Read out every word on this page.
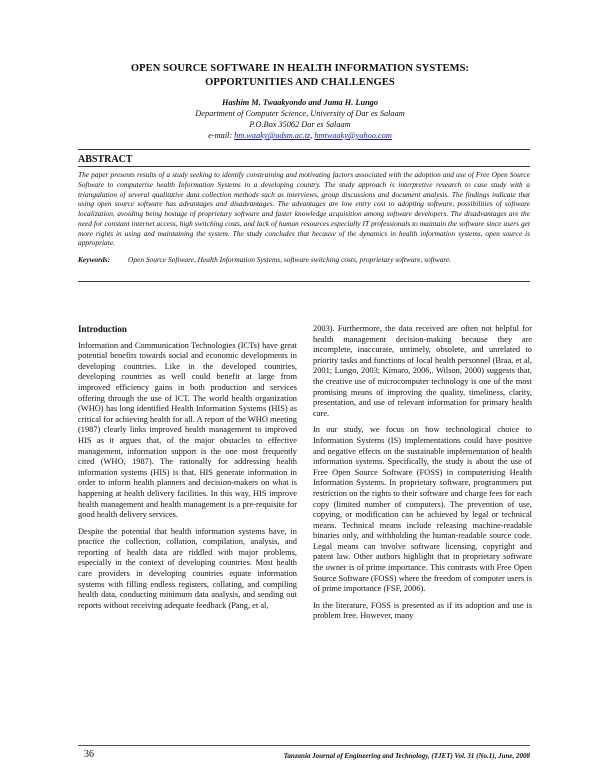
OPEN SOURCE SOFTWARE IN HEALTH INFORMATION SYSTEMS:
OPPORTUNITIES AND CHALLENGES
Hashim M. Twaakyondo and Juma H. Lungo
Department of Computer Science, University of Dar es Salaam
P.O.Box 35062 Dar es Salaam
e-mail: hm.waaky@udsm.ac.tz, hmtwaaky@yahoo.com
ABSTRACT
The paper presents results of a study seeking to identify constraining and motivating factors associated with the adoption and use of Free Open Source Software to computerise health Information Systems in a developing country. The study approach is interpretive research to case study with a triangulation of several qualitative data collection methods such as interviews, group discussions and document analysis. The findings indicate that using open source software has advantages and disadvantages. The advantages are low entry cost to adopting software, possibilities of software localization, avoiding being hostage of proprietary software and faster knowledge acquisition among software developers. The disadvantages are the need for constant internet access, high switching costs, and lack of human resources especially IT professionals to maintain the software since users get more rights in using and maintaining the system. The study concludes that because of the dynamics in health information systems, open source is appropriate.
Keywords:	Open Source Software, Health Information Systems, software switching costs, proprietary software, software.
Introduction

Information and Communication Technologies (ICTs) have great potential benefits towards social and economic developments in developing countries. Like in the developed countries, developing countries as well could benefit at large from improved efficiency gains in both production and services offering through the use of ICT. The world health organization (WHO) has long identified Health Information Systems (HIS) as critical for achieving health for all. A report of the WHO meeting (1987) clearly links improved health management to improved HIS as it argues that, of the major obstacles to effective management, information support is the one most frequently cited (WHO, 1987). The rationally for addressing health information systems (HIS) is that, HIS generate information in order to inform health planners and decision-makers on what is happening at health delivery facilities. In this way, HIS improve health management and health management is a pre-requisite for good health delivery services.

Despite the potential that health information systems have, in practice the collection, collation, compilation, analysis, and reporting of health data are riddled with major problems, especially in the context of developing countries. Most health care providers in developing countries equate information systems with filling endless registers, collating, and compiling health data, conducting minimum data analysis, and sending out reports without receiving adequate feedback (Pang, et al,

2003). Furthermore, the data received are often not helpful for health management decision-making because they are incomplete, inaccurate, untimely, obsolete, and unrelated to priority tasks and functions of local health personnel (Braa, et al, 2001; Lungo, 2003; Kimaro, 2006,. Wilson, 2000) suggests that, the creative use of microcomputer technology is one of the most promising means of improving the quality, timeliness, clarity, presentation, and use of relevant information for primary health care.

In our study, we focus on how technological choice to Information Systems (IS) implementations could have positive and negative effects on the sustainable implementation of health information systems. Specifically, the study is about the use of Free Open Source Software (FOSS) in computerising Health Information Systems. In proprietary software, programmers put restriction on the rights to their software and charge fees for each copy (limited number of computers). The prevention of use, copying, or modification can be achieved by legal or technical means. Technical means include releasing machine-readable binaries only, and withholding the human-readable source code. Legal means can involve software licensing, copyright and patent law. Other authors highlight that in proprietary software the owner is of prime importance. This contrasts with Free Open Source Software (FOSS) where the freedom of computer users is of prime importance (FSF, 2006).

In the literature, FOSS is presented as if its adoption and use is problem free. However, many

36	Tanzania Journal of Engineering and Technology, (TJET) Vol. 31 (No.1), June, 2008
